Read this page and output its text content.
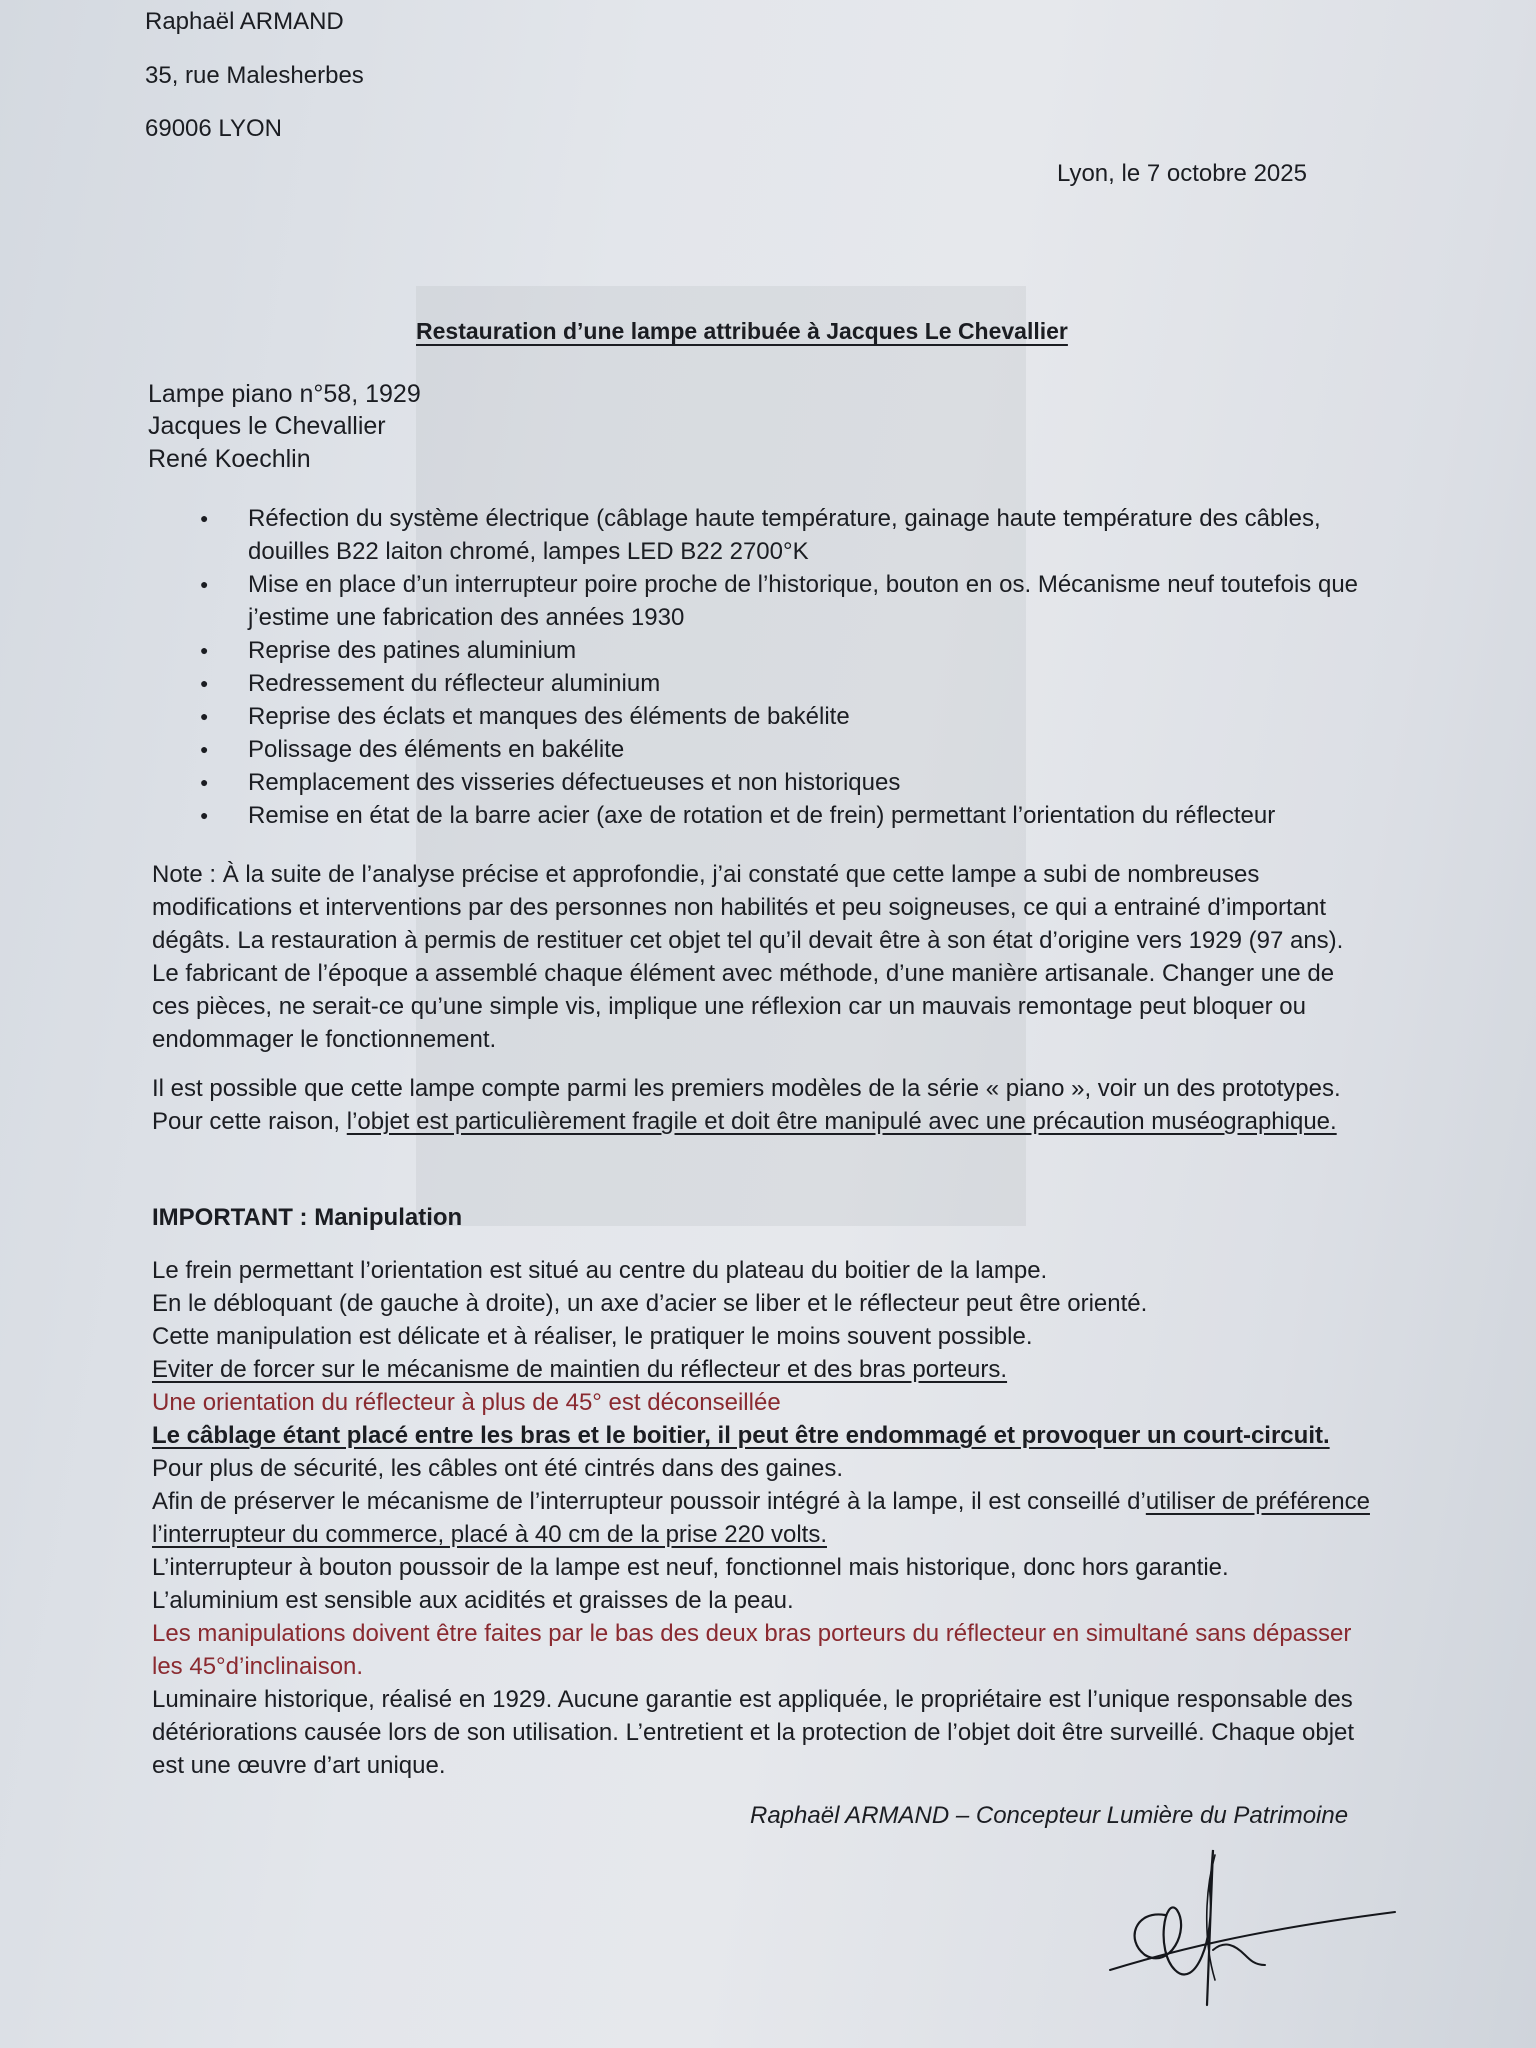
Raphaël ARMAND
35, rue Malesherbes
69006 LYON
Lyon, le 7 octobre 2025
Restauration d’une lampe attribuée à Jacques Le Chevallier
Lampe piano n°58, 1929
Jacques le Chevallier
René Koechlin
● Réfection du système électrique (câblage haute température, gainage haute température des câbles, douilles B22 laiton chromé, lampes LED B22 2700°K
● Mise en place d’un interrupteur poire proche de l’historique, bouton en os. Mécanisme neuf toutefois que j’estime une fabrication des années 1930
● Reprise des patines aluminium
● Redressement du réflecteur aluminium
● Reprise des éclats et manques des éléments de bakélite
● Polissage des éléments en bakélite
● Remplacement des visseries défectueuses et non historiques
● Remise en état de la barre acier (axe de rotation et de frein) permettant l’orientation du réflecteur
Note : À la suite de l’analyse précise et approfondie, j’ai constaté que cette lampe a subi de nombreuses modifications et interventions par des personnes non habilités et peu soigneuses, ce qui a entrainé d’important dégâts. La restauration à permis de restituer cet objet tel qu’il devait être à son état d’origine vers 1929 (97 ans). Le fabricant de l’époque a assemblé chaque élément avec méthode, d’une manière artisanale. Changer une de ces pièces, ne serait-ce qu’une simple vis, implique une réflexion car un mauvais remontage peut bloquer ou endommager le fonctionnement.
Il est possible que cette lampe compte parmi les premiers modèles de la série « piano », voir un des prototypes. Pour cette raison, l’objet est particulièrement fragile et doit être manipulé avec une précaution muséographique.
IMPORTANT : Manipulation
Le frein permettant l’orientation est situé au centre du plateau du boitier de la lampe.
En le débloquant (de gauche à droite), un axe d’acier se liber et le réflecteur peut être orienté.
Cette manipulation est délicate et à réaliser, le pratiquer le moins souvent possible.
Eviter de forcer sur le mécanisme de maintien du réflecteur et des bras porteurs.
Une orientation du réflecteur à plus de 45° est déconseillée
Le câblage étant placé entre les bras et le boitier, il peut être endommagé et provoquer un court-circuit.
Pour plus de sécurité, les câbles ont été cintrés dans des gaines.
Afin de préserver le mécanisme de l’interrupteur poussoir intégré à la lampe, il est conseillé d’utiliser de préférence l’interrupteur du commerce, placé à 40 cm de la prise 220 volts.
L’interrupteur à bouton poussoir de la lampe est neuf, fonctionnel mais historique, donc hors garantie.
L’aluminium est sensible aux acidités et graisses de la peau.
Les manipulations doivent être faites par le bas des deux bras porteurs du réflecteur en simultané sans dépasser les 45°d’inclinaison.
Luminaire historique, réalisé en 1929. Aucune garantie est appliquée, le propriétaire est l’unique responsable des détériorations causée lors de son utilisation. L’entretient et la protection de l’objet doit être surveillé. Chaque objet est une œuvre d’art unique.
Raphaël ARMAND – Concepteur Lumière du Patrimoine
